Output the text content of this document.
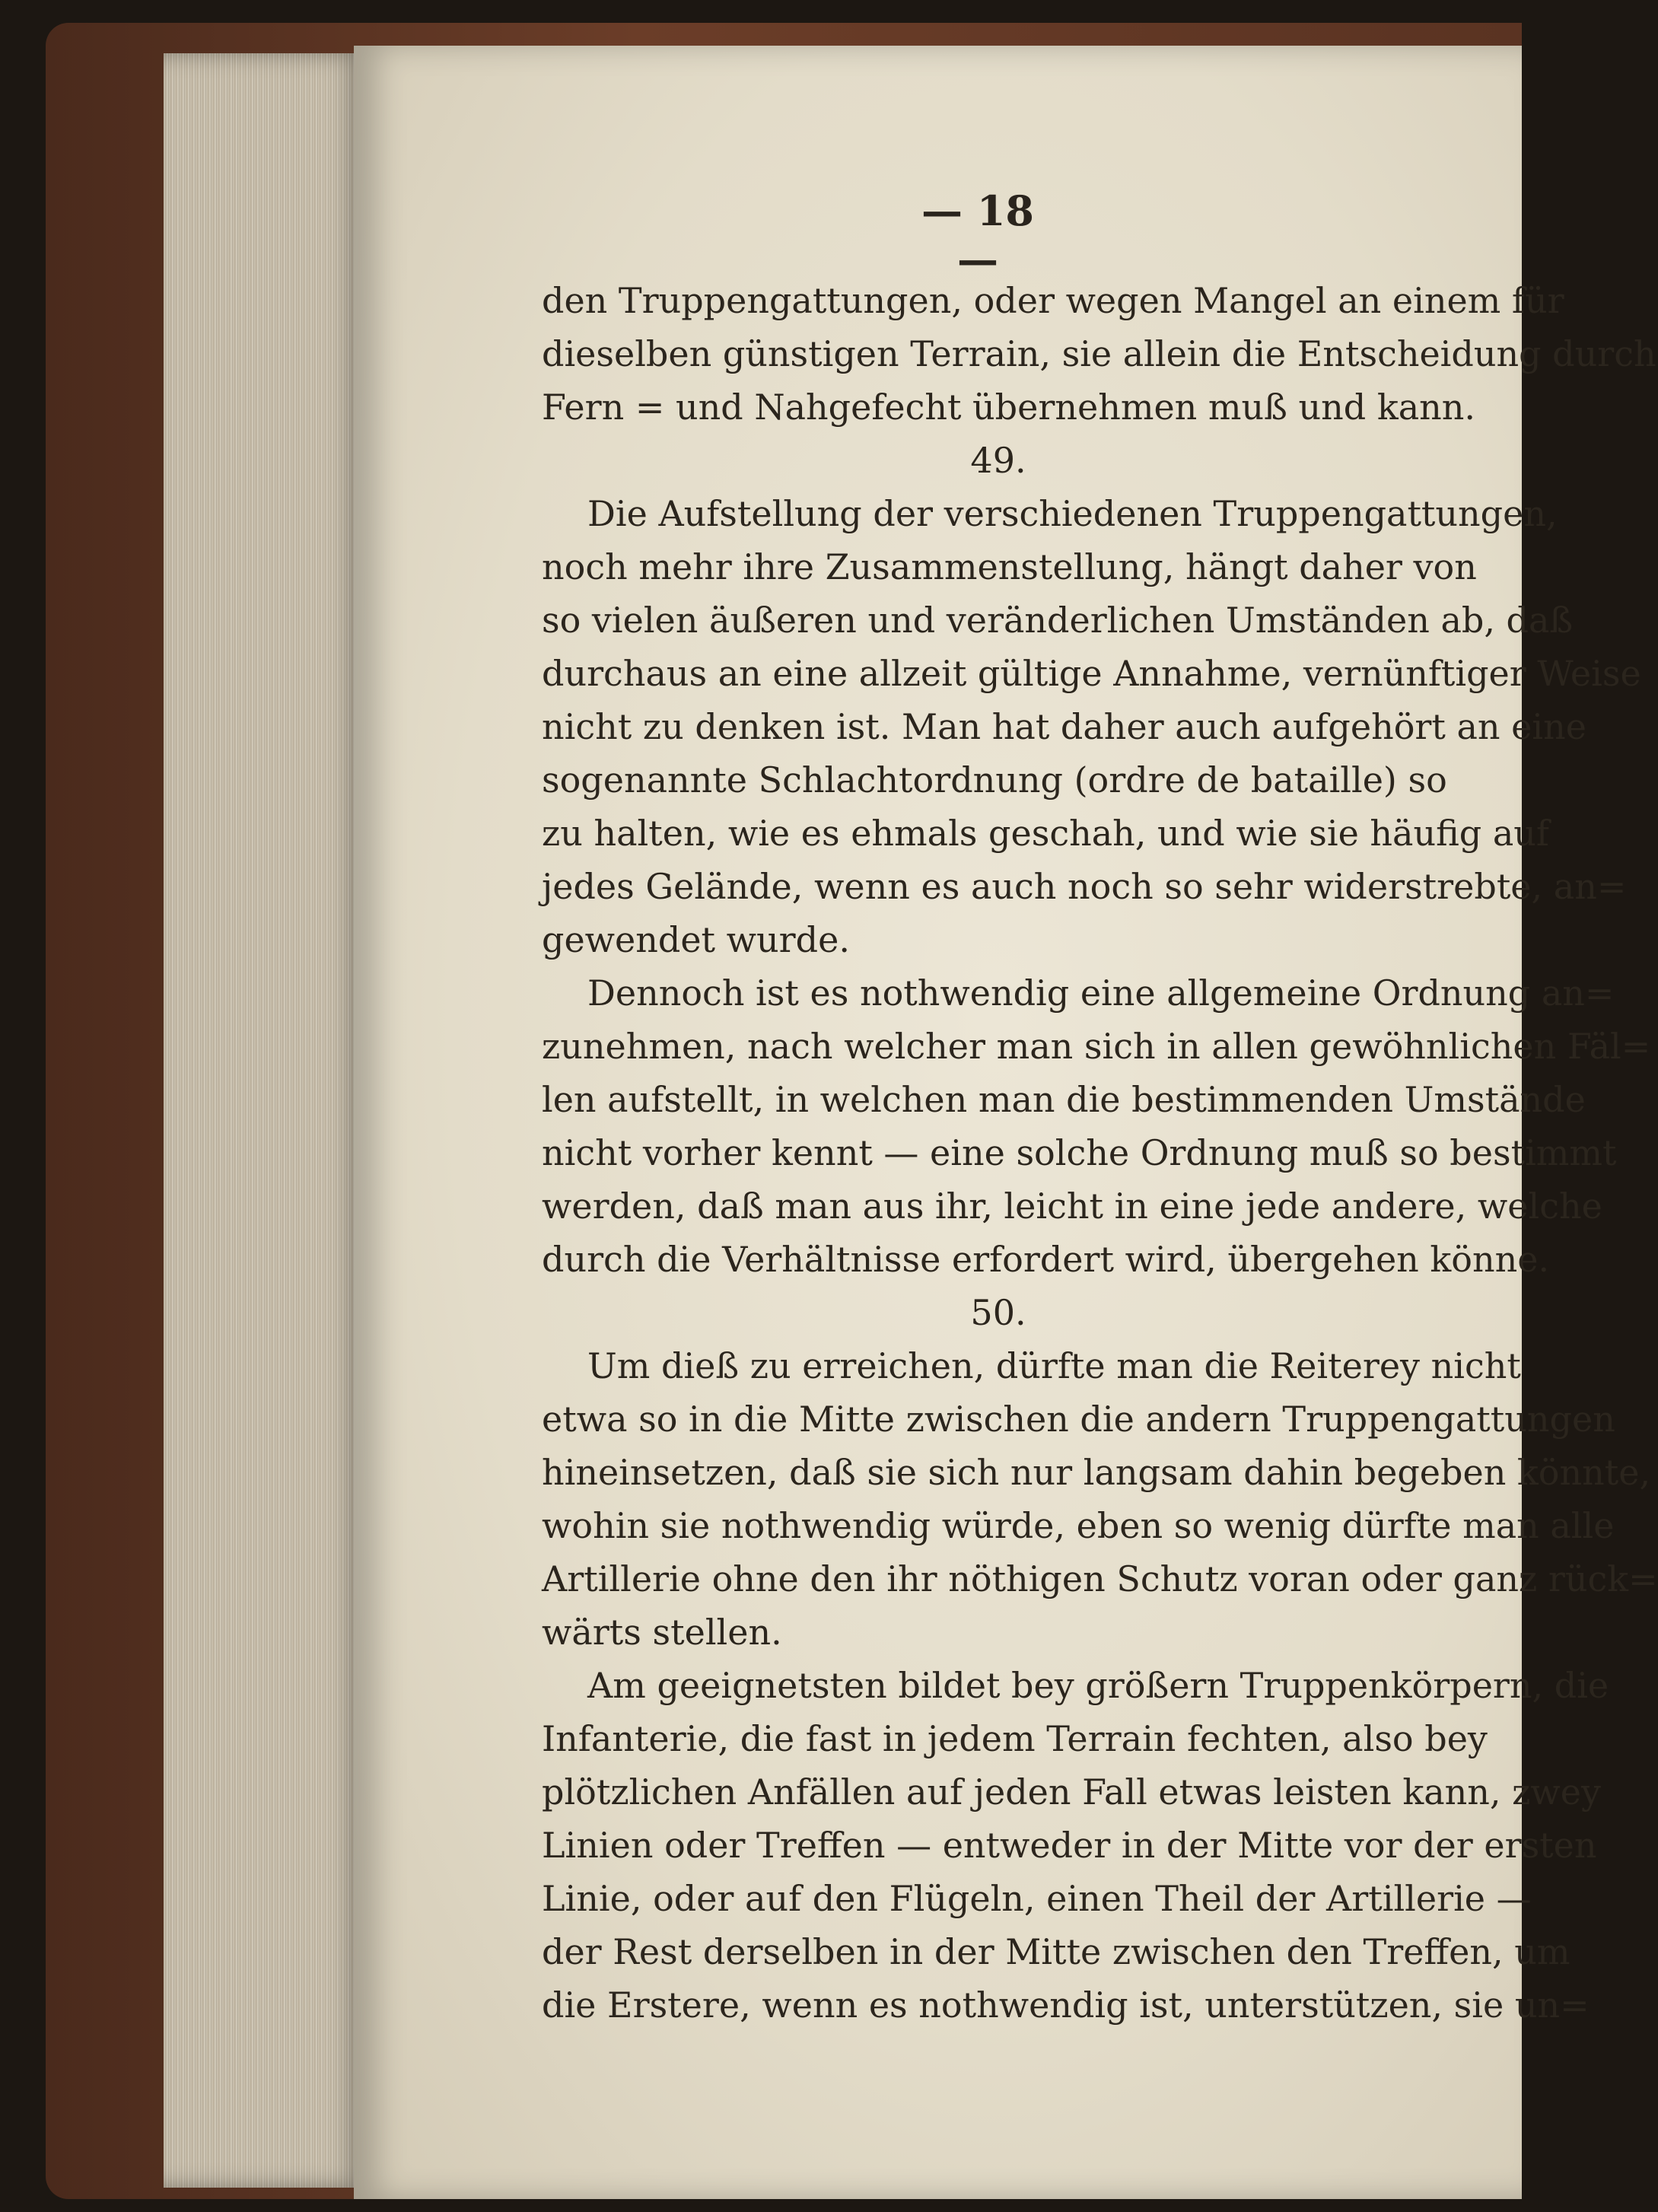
— 18 —
den Truppengattungen, oder wegen Mangel an einem für
dieselben günstigen Terrain, sie allein die Entscheidung durch
Fern = und Nahgefecht übernehmen muß und kann.
49.
Die Aufstellung der verschiedenen Truppengattungen,
noch mehr ihre Zusammenstellung, hängt daher von
so vielen äußeren und veränderlichen Umständen ab, daß
durchaus an eine allzeit gültige Annahme, vernünftiger Weise
nicht zu denken ist. Man hat daher auch aufgehört an eine
sogenannte Schlachtordnung (ordre de bataille) so
zu halten, wie es ehmals geschah, und wie sie häufig auf
jedes Gelände, wenn es auch noch so sehr widerstrebte, an=
gewendet wurde.
Dennoch ist es nothwendig eine allgemeine Ordnung an=
zunehmen, nach welcher man sich in allen gewöhnlichen Fäl=
len aufstellt, in welchen man die bestimmenden Umstände
nicht vorher kennt — eine solche Ordnung muß so bestimmt
werden, daß man aus ihr, leicht in eine jede andere, welche
durch die Verhältnisse erfordert wird, übergehen könne.
50.
Um dieß zu erreichen, dürfte man die Reiterey nicht
etwa so in die Mitte zwischen die andern Truppengattungen
hineinsetzen, daß sie sich nur langsam dahin begeben könnte,
wohin sie nothwendig würde, eben so wenig dürfte man alle
Artillerie ohne den ihr nöthigen Schutz voran oder ganz rück=
wärts stellen.
Am geeignetsten bildet bey größern Truppenkörpern, die
Infanterie, die fast in jedem Terrain fechten, also bey
plötzlichen Anfällen auf jeden Fall etwas leisten kann, zwey
Linien oder Treffen — entweder in der Mitte vor der ersten
Linie, oder auf den Flügeln, einen Theil der Artillerie —
der Rest derselben in der Mitte zwischen den Treffen, um
die Erstere, wenn es nothwendig ist, unterstützen, sie un=
